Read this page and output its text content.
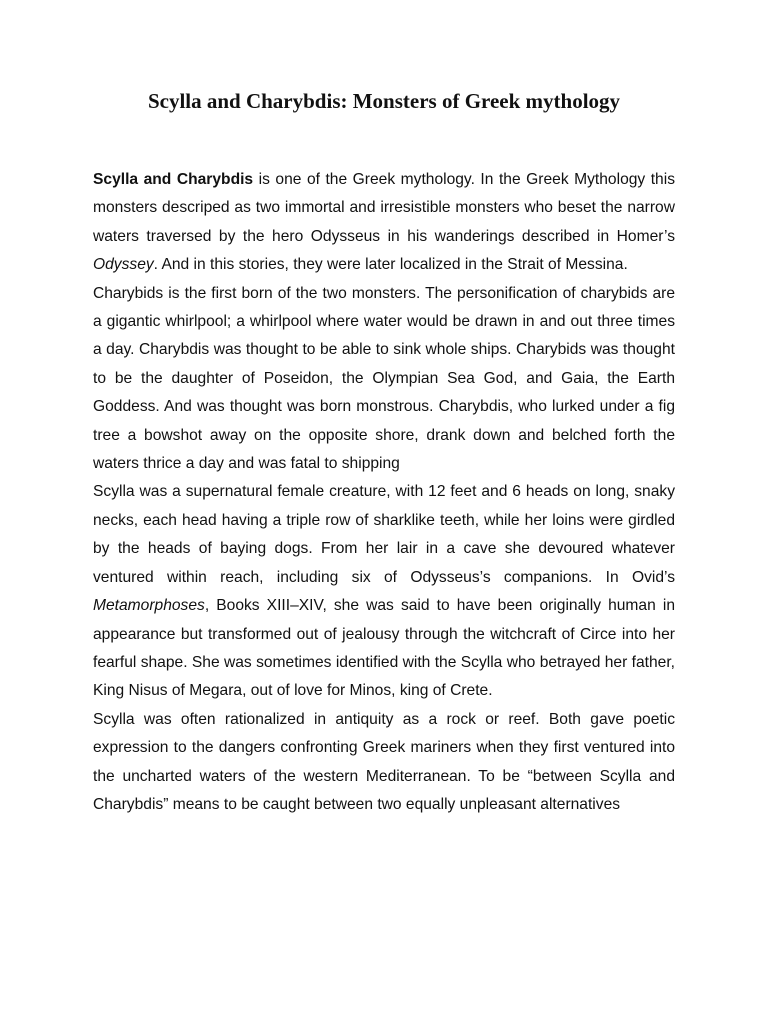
Scylla and Charybdis: Monsters of Greek mythology

Scylla and Charybdis is one of the Greek mythology. In the Greek Mythology this monsters descriped as two immortal and irresistible monsters who beset the narrow waters traversed by the hero Odysseus in his wanderings described in Homer’s Odyssey. And in this stories, they were later localized in the Strait of Messina.

Charybids is the first born of the two monsters. The personification of charybids are a gigantic whirlpool; a whirlpool where water would be drawn in and out three times a day. Charybdis was thought to be able to sink whole ships. Charybids was thought to be the daughter of Poseidon, the Olympian Sea God, and Gaia, the Earth Goddess. And was thought was born monstrous. Charybdis, who lurked under a fig tree a bowshot away on the opposite shore, drank down and belched forth the waters thrice a day and was fatal to shipping

Scylla was a supernatural female creature, with 12 feet and 6 heads on long, snaky necks, each head having a triple row of sharklike teeth, while her loins were girdled by the heads of baying dogs. From her lair in a cave she devoured whatever ventured within reach, including six of Odysseus’s companions. In Ovid’s Metamorphoses, Books XIII–XIV, she was said to have been originally human in appearance but transformed out of jealousy through the witchcraft of Circe into her fearful shape. She was sometimes identified with the Scylla who betrayed her father, King Nisus of Megara, out of love for Minos, king of Crete.

Scylla was often rationalized in antiquity as a rock or reef. Both gave poetic expression to the dangers confronting Greek mariners when they first ventured into the uncharted waters of the western Mediterranean. To be “between Scylla and Charybdis” means to be caught between two equally unpleasant alternatives
